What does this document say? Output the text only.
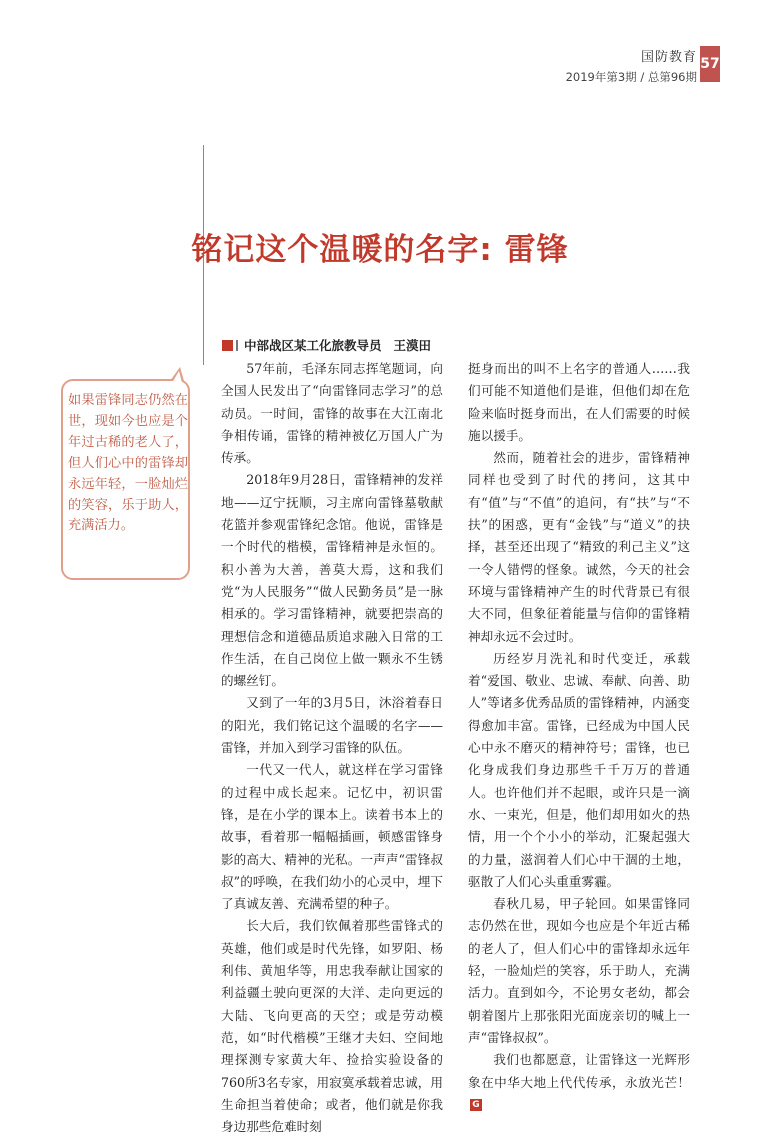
国防教育
2019年第3期 / 总第96期
57
铭记这个温暖的名字: 雷锋
中部战区某工化旅教导员 王漠田
如果雷锋同志仍然在世，现如今也应是个年过古稀的老人了，但人们心中的雷锋却永远年轻，一脸灿烂的笑容，乐于助人，充满活力。

57年前，毛泽东同志挥笔题词，向全国人民发出了“向雷锋同志学习”的总动员。一时间，雷锋的故事在大江南北争相传诵，雷锋的精神被亿万国人广为传承。

2018年9月28日，雷锋精神的发祥地——辽宁抚顺，习主席向雷锋墓敬献花篮并参观雷锋纪念馆。他说，雷锋是一个时代的楷模，雷锋精神是永恒的。积小善为大善，善莫大焉，这和我们党“为人民服务”“做人民勤务员”是一脉相承的。学习雷锋精神，就要把崇高的理想信念和道德品质追求融入日常的工作生活，在自己岗位上做一颗永不生锈的螺丝钉。

又到了一年的3月5日，沐浴着春日的阳光，我们铭记这个温暖的名字——雷锋，并加入到学习雷锋的队伍。

一代又一代人，就这样在学习雷锋的过程中成长起来。记忆中，初识雷锋，是在小学的课本上。读着书本上的故事，看着那一幅幅插画，顿感雷锋身影的高大、精神的光私。一声声“雷锋叔叔”的呼唤，在我们幼小的心灵中，埋下了真诚友善、充满希望的种子。

长大后，我们钦佩着那些雷锋式的英雄，他们或是时代先锋，如罗阳、杨利伟、黄旭华等，用忠我奉献让国家的利益疆土驶向更深的大洋、走向更远的大陆、飞向更高的天空；或是劳动模范，如“时代楷模”王继才夫妇、空间地理探测专家黄大年、捡拾实验设备的760所3名专家，用寂寞承载着忠诚，用生命担当着使命；或者，他们就是你我身边那些危难时刻

挺身而出的叫不上名字的普通人……我们可能不知道他们是谁，但他们却在危险来临时挺身而出，在人们需要的时候施以援手。

然而，随着社会的进步，雷锋精神同样也受到了时代的拷问，这其中有“值”与“不值”的追问，有“扶”与“不扶”的困惑，更有“金钱”与“道义”的抉择，甚至还出现了“精致的利己主义”这一令人错愕的怪象。诚然，今天的社会环境与雷锋精神产生的时代背景已有很大不同，但象征着能量与信仰的雷锋精神却永远不会过时。

历经岁月洗礼和时代变迁，承载着“爱国、敬业、忠诚、奉献、向善、助人”等诸多优秀品质的雷锋精神，内涵变得愈加丰富。雷锋，已经成为中国人民心中永不磨灭的精神符号；雷锋，也已化身成我们身边那些千千万万的普通人。也许他们并不起眼，或许只是一滴水、一束光，但是，他们却用如火的热情，用一个个小小的举动，汇聚起强大的力量，滋润着人们心中干涸的土地，驱散了人们心头重重雾霾。

春秋几易，甲子轮回。如果雷锋同志仍然在世，现如今也应是个年近古稀的老人了，但人们心中的雷锋却永远年轻，一脸灿烂的笑容，乐于助人，充满活力。直到如今，不论男女老幼，都会朝着图片上那张阳光面庞亲切的喊上一声“雷锋叔叔”。

我们也都愿意，让雷锋这一光辉形象在中华大地上代代传承，永放光芒！G
